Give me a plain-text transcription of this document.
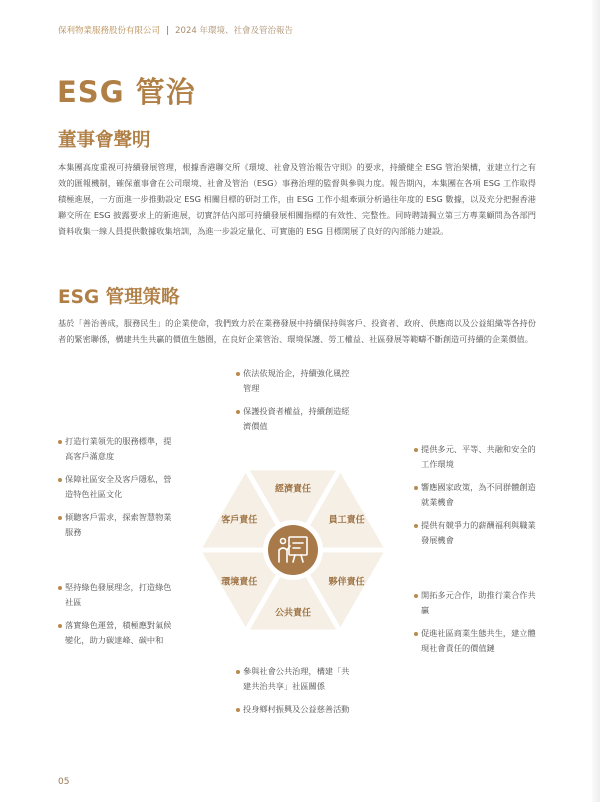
保利物業服務股份有限公司 | 2024 年環境、社會及管治報告
ESG 管治
董事會聲明

本集團高度重視可持續發展管理，根據香港聯交所《環境、社會及管治報告守則》的要求，持續健全 ESG 管治架構，並建立行之有效的匯報機制，確保董事會在公司環境、社會及管治（ESG）事務治理的監督與參與力度。報告期內，本集團在各項 ESG 工作取得積極進展，一方面進一步推動設定 ESG 相關目標的研討工作，由 ESG 工作小組牽頭分析過往年度的 ESG 數據，以及充分把握香港聯交所在 ESG 披露要求上的新進展，切實評估內部可持續發展相關指標的有效性、完整性。同時聘請獨立第三方專業顧問為各部門資料收集一線人員提供數據收集培訓，為進一步設定量化、可實施的 ESG 目標開展了良好的內部能力建設。

ESG 管理策略

基於「善治善成，服務民生」的企業使命，我們致力於在業務發展中持續保持與客戶、投資者、政府、供應商以及公益組織等各持份者的緊密聯係，構建共生共贏的價值生態圈，在良好企業管治、環境保護、勞工權益、社區發展等範疇不斷創造可持續的企業價值。

依法依規治企，持續強化風控管理
保護投資者權益，持續創造經濟價值
打造行業領先的服務標準，提高客戶滿意度
保障社區安全及客戶隱私，營造特色社區文化
傾聽客戶需求，探索智慧物業服務
提供多元、平等、共融和安全的工作環境
響應國家政策，為不同群體創造就業機會
提供有競爭力的薪酬福利與職業發展機會
堅持綠色發展理念，打造綠色社區
落實綠色運營，積極應對氣候變化，助力碳達峰、碳中和
開拓多元合作，助推行業合作共贏
促進社區商業生態共生，建立體現社會責任的價值鏈
參與社會公共治理，構建「共建共治共享」社區關係
投身鄉村振興及公益慈善活動
經濟責任
員工責任
夥伴責任
公共責任
環境責任
客戶責任
05
